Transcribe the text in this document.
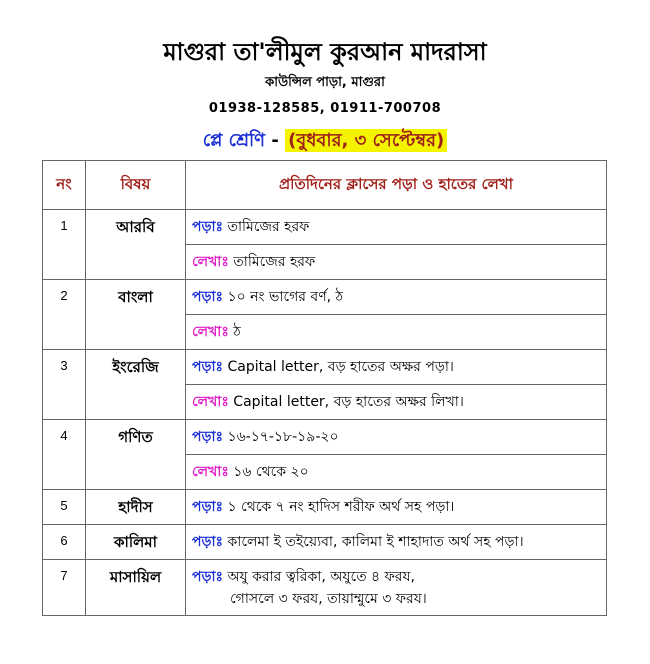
মাগুরা তা'লীমুল কুরআন মাদরাসা
কাউন্সিল পাড়া, মাগুরা
01938-128585, 01911-700708
প্লে শ্রেণি - (বুধবার, ৩ সেপ্টেম্বর)
নং	বিষয়	প্রতিদিনের ক্লাসের পড়া ও হাতের লেখা
1	আরবি	পড়াঃ তামিজের হরফ
		লেখাঃ তামিজের হরফ
2	বাংলা	পড়াঃ ১০ নং ভাগের বর্ণ, ঠ
		লেখাঃ ঠ
3	ইংরেজি	পড়াঃ Capital letter, বড় হাতের অক্ষর পড়া।
		লেখাঃ Capital letter, বড় হাতের অক্ষর লিখা।
4	গণিত	পড়াঃ ১৬-১৭-১৮-১৯-২০
		লেখাঃ ১৬ থেকে ২০
5	হাদীস	পড়াঃ ১ থেকে ৭ নং হাদিস শরীফ অর্থ সহ পড়া।
6	কালিমা	পড়াঃ কালেমা ই তইয়্যেবা, কালিমা ই শাহাদাত অর্থ সহ পড়া।
7	মাসায়িল	পড়াঃ অযু করার ত্বরিকা, অযুতে ৪ ফরয,
গোসলে ৩ ফরয, তায়াম্মুমে ৩ ফরয।
